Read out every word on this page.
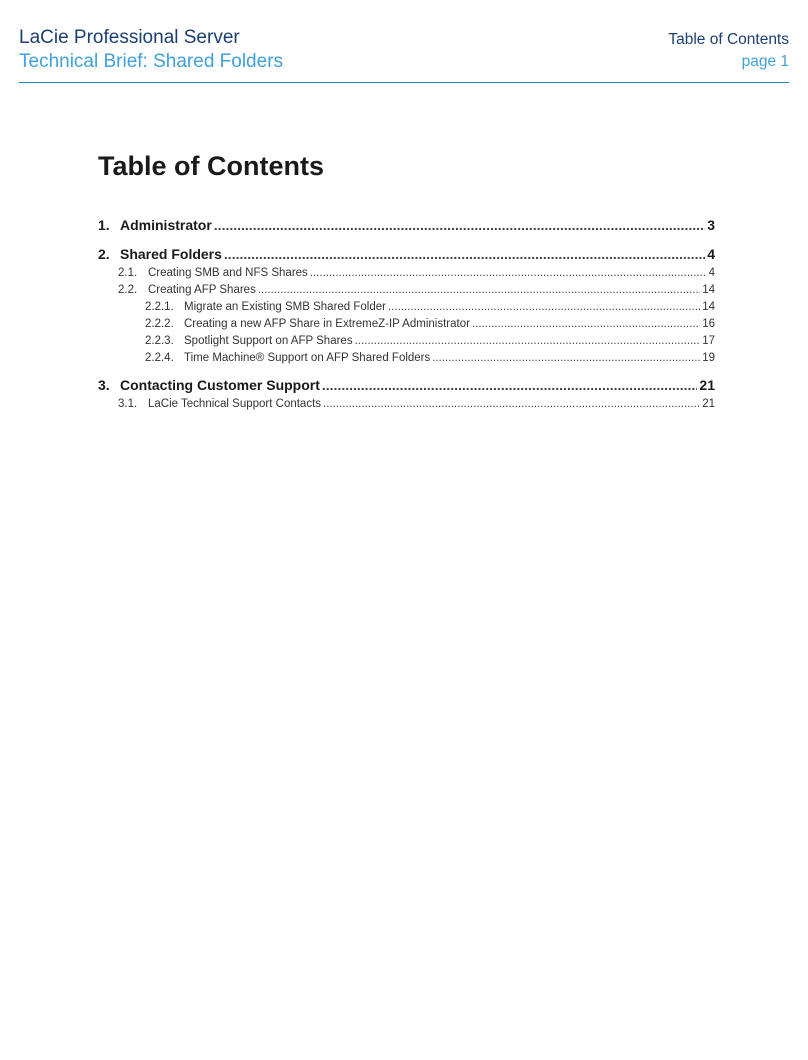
LaCie Professional Server
Technical Brief: Shared Folders
Table of Contents
page 1
Table of Contents
1. Administrator .....	3
2. Shared Folders .....	4
2.1. Creating SMB and NFS Shares .....	4
2.2. Creating AFP Shares .....	14
2.2.1. Migrate an Existing SMB Shared Folder .....	14
2.2.2. Creating a new AFP Share in ExtremeZ-IP Administrator .....	16
2.2.3. Spotlight Support on AFP Shares .....	17
2.2.4. Time Machine® Support on AFP Shared Folders .....	19
3. Contacting Customer Support .....	21
3.1. LaCie Technical Support Contacts .....	21
